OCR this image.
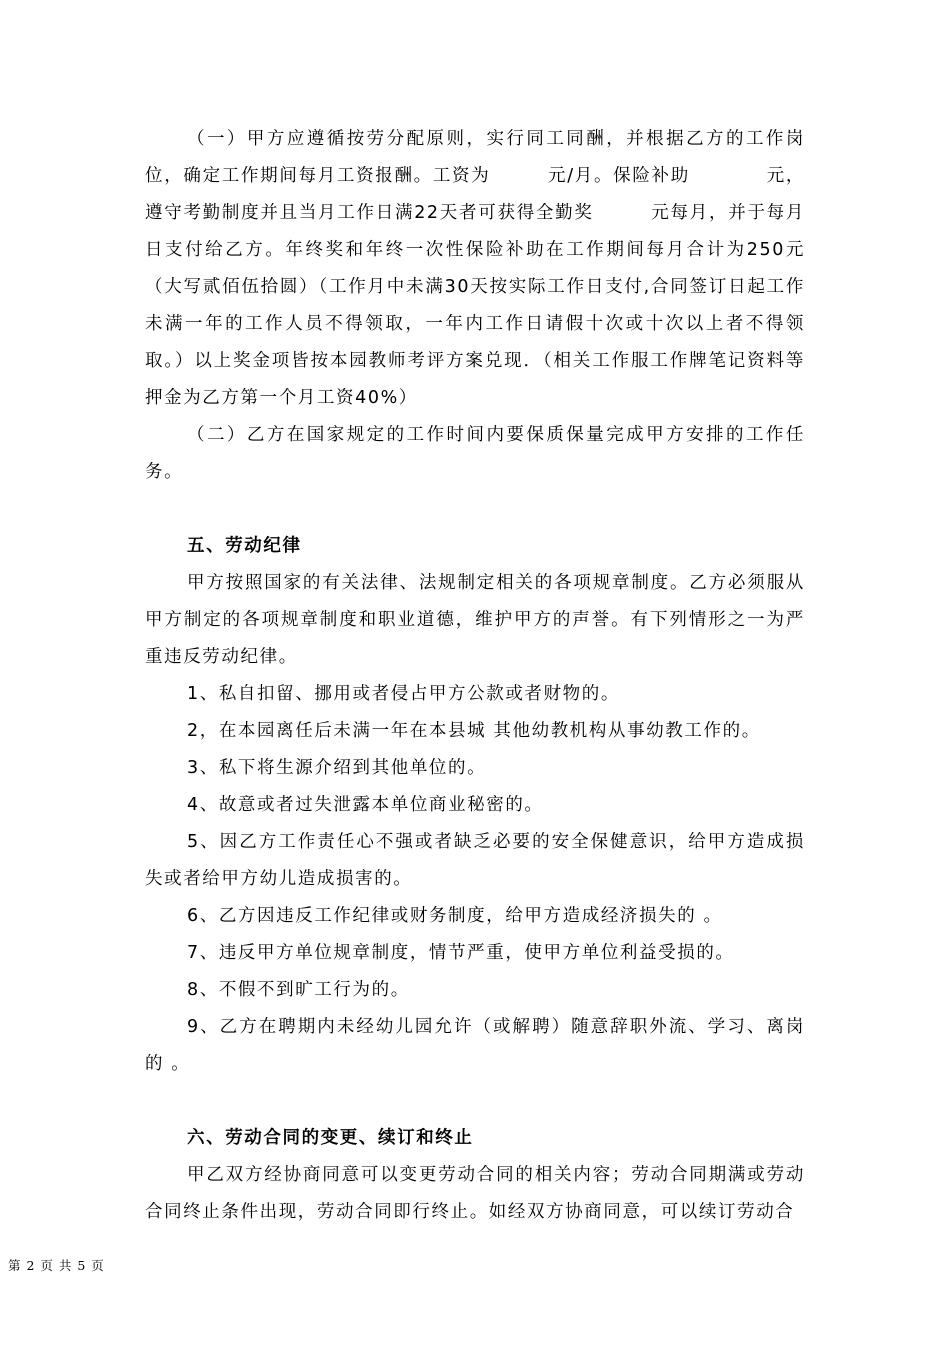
（一）甲方应遵循按劳分配原则，实行同工同酬，并根据乙方的工作岗位，确定工作期间每月工资报酬。工资为　　　元/月。保险补助　　　　元，遵守考勤制度并且当月工作日满22天者可获得全勤奖　　　元每月，并于每月　日支付给乙方。年终奖和年终一次性保险补助在工作期间每月合计为250元（大写贰佰伍拾圆）（工作月中未满30天按实际工作日支付,合同签订日起工作未满一年的工作人员不得领取，一年内工作日请假十次或十次以上者不得领取。）以上奖金项皆按本园教师考评方案兑现．（相关工作服工作牌笔记资料等押金为乙方第一个月工资40%）

（二）乙方在国家规定的工作时间内要保质保量完成甲方安排的工作任务。

五、劳动纪律

甲方按照国家的有关法律、法规制定相关的各项规章制度。乙方必须服从甲方制定的各项规章制度和职业道德，维护甲方的声誉。有下列情形之一为严重违反劳动纪律。

1、私自扣留、挪用或者侵占甲方公款或者财物的。

2，在本园离任后未满一年在本县城 其他幼教机构从事幼教工作的。

3、私下将生源介绍到其他单位的。

4、故意或者过失泄露本单位商业秘密的。

5、因乙方工作责任心不强或者缺乏必要的安全保健意识，给甲方造成损失或者给甲方幼儿造成损害的。

6、乙方因违反工作纪律或财务制度，给甲方造成经济损失的 。

7、违反甲方单位规章制度，情节严重，使甲方单位利益受损的。

8、不假不到旷工行为的。

9、乙方在聘期内未经幼儿园允许（或解聘）随意辞职外流、学习、离岗的 。

六、劳动合同的变更、续订和终止

甲乙双方经协商同意可以变更劳动合同的相关内容；劳动合同期满或劳动合同终止条件出现，劳动合同即行终止。如经双方协商同意，可以续订劳动合

第 2 页 共 5 页
